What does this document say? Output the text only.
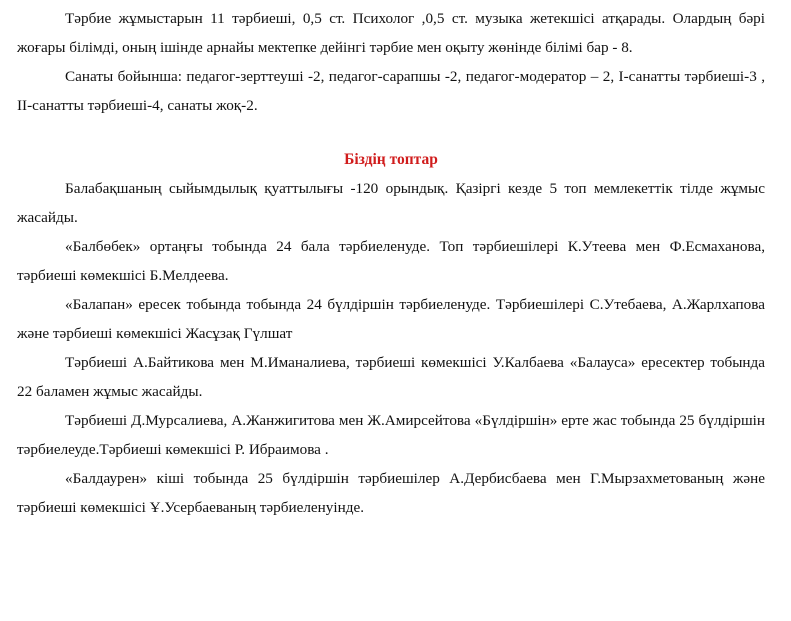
Тәрбие жұмыстарын 11 тәрбиеші, 0,5 ст. Психолог ,0,5 ст. музыка жетекшісі атқарады. Олардың бәрі жоғары білімді, оның ішінде арнайы мектепке дейінгі тәрбие мен оқыту жөнінде білімі бар - 8.

Санаты бойынша: педагог-зерттеуші -2, педагог-сарапшы -2, педагог-модератор – 2, І-санатты тәрбиеші-3 , ІІ-санатты тәрбиеші-4, санаты жоқ-2.

Біздің топтар

Балабақшаның сыйымдылық қуаттылығы -120 орындық. Қазіргі кезде 5 топ мемлекеттік тілде жұмыс жасайды.

«Балбөбек» ортаңғы тобында 24 бала тәрбиеленуде. Топ тәрбиешілері К.Утеева мен Ф.Есмаханова, тәрбиеші көмекшісі Б.Мелдеева.

«Балапан» ересек тобында тобында 24 бүлдіршін тәрбиеленуде. Тәрбиешілері С.Утебаева, А.Жарлхапова және тәрбиеші көмекшісі Жасұзақ Гүлшат

Тәрбиеші А.Байтикова мен М.Иманалиева, тәрбиеші көмекшісі У.Калбаева «Балауса» ересектер тобында 22 баламен жұмыс жасайды.

Тәрбиеші Д.Мурсалиева, А.Жанжигитова мен Ж.Амирсейтова «Бүлдіршін» ерте жас тобында 25 бүлдіршін тәрбиелеуде.Тәрбиеші көмекшісі Р. Ибраимова .

«Балдаурен» кіші тобында 25 бүлдіршін тәрбиешілер А.Дербисбаева мен Г.Мырзахметованың және тәрбиеші көмекшісі Ұ.Усербаеваның тәрбиеленуінде.
